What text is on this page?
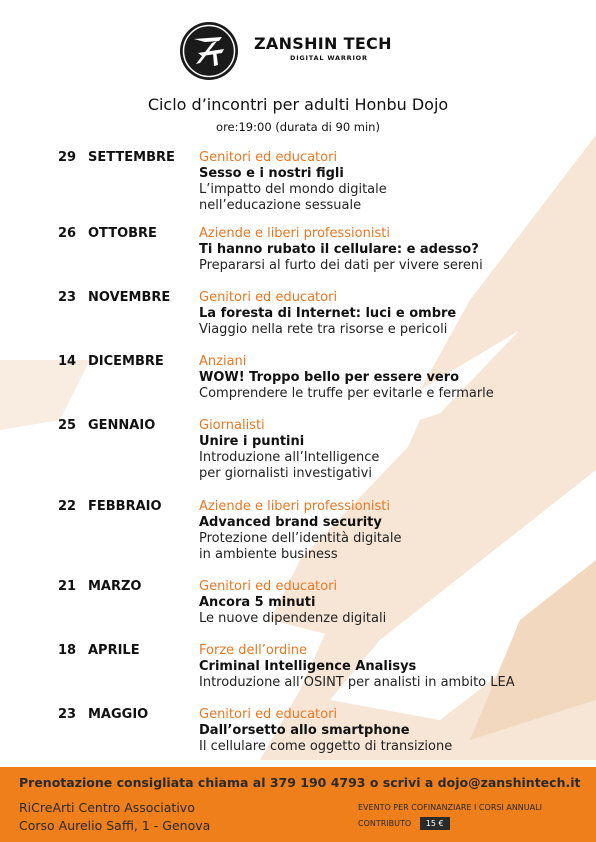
ZANSHIN TECH
DIGITAL WARRIOR
Ciclo d’incontri per adulti Honbu Dojo
ore:19:00 (durata di 90 min)
29 SETTEMBRE Genitori ed educatori
Sesso e i nostri figli
L’impatto del mondo digitale
nell’educazione sessuale
26 OTTOBRE	Aziende e liberi professionisti
Ti hanno rubato il cellulare: e adesso?
Prepararsi al furto dei dati per vivere sereni
23 NOVEMBRE Genitori ed educatori
La foresta di Internet: luci e ombre
Viaggio nella rete tra risorse e pericoli
14 DICEMBRE	Anziani
WOW! Troppo bello per essere vero
Comprendere le truffe per evitarle e fermarle
25 GENNAIO	Giornalisti
Unire i puntini
Introduzione all’Intelligence
per giornalisti investigativi
22 FEBBRAIO	Aziende e liberi professionisti
Advanced brand security
Protezione dell’identità digitale
in ambiente business
21 MARZO	Genitori ed educatori
Ancora 5 minuti
Le nuove dipendenze digitali
18 APRILE	Forze dell’ordine
Criminal Intelligence Analisys
Introduzione all’OSINT per analisti in ambito LEA
23 MAGGIO	Genitori ed educatori
Dall’orsetto allo smartphone
Il cellulare come oggetto di transizione
Prenotazione consigliata chiama al 379 190 4793 o scrivi a dojo@zanshintech.it
RiCreArti Centro Associativo
Corso Aurelio Saffi, 1 - Genova
EVENTO PER COFINANZIARE I CORSI ANNUALI
CONTRIBUTO 15 €
